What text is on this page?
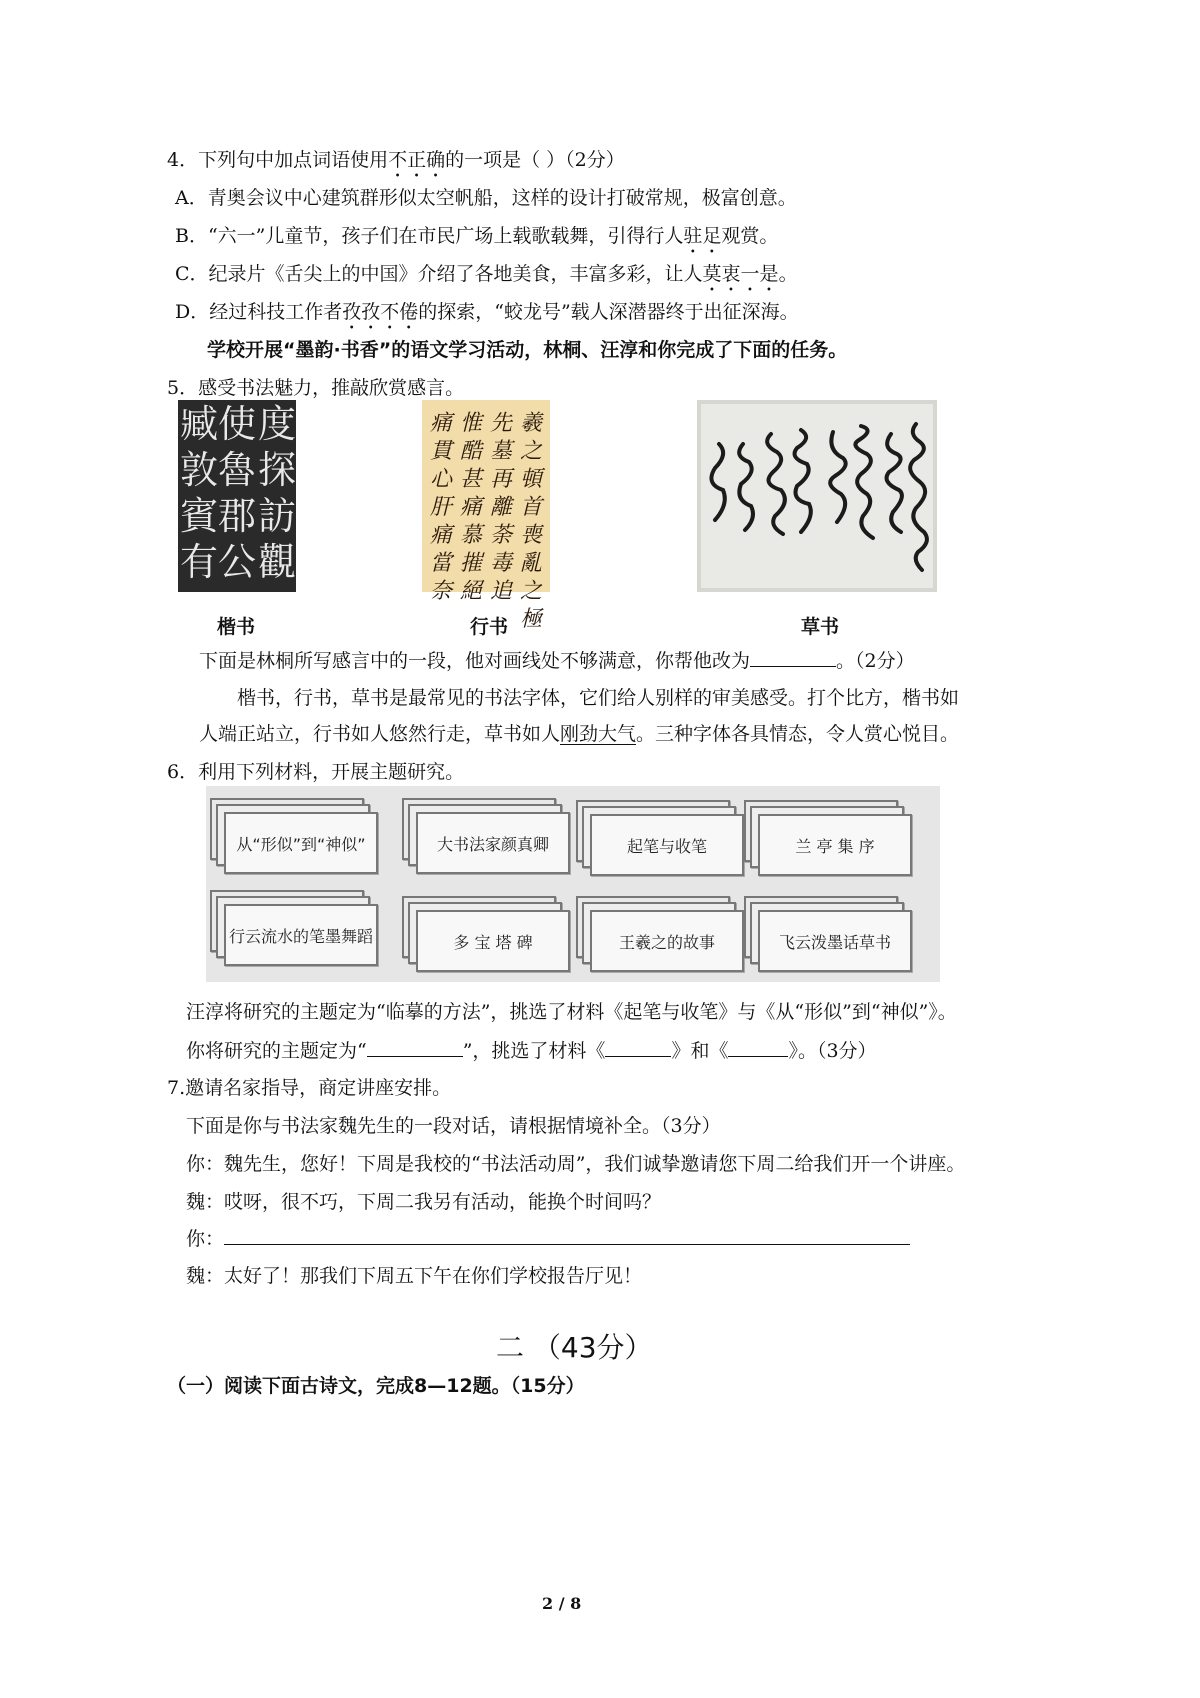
4．下列句中加点词语使用不正确的一项是（ ）（2分）
A．青奥会议中心建筑群形似太空帆船，这样的设计打破常规，极富创意。
B．“六一”儿童节，孩子们在市民广场上载歌载舞，引得行人驻足观赏。
C．纪录片《舌尖上的中国》介绍了各地美食，丰富多彩，让人莫衷一是。
D．经过科技工作者孜孜不倦的探索，“蛟龙号”载人深潜器终于出征深海。
学校开展“墨韵·书香”的语文学习活动，林桐、汪淳和你完成了下面的任务。
5．感受书法魅力，推敲欣赏感言。
度
使
臧
探
魯
敦
訪
郡
賓
觀
公
有
羲之頓首喪亂之極
先墓再離荼毒追
惟酷甚痛慕摧絕
痛貫心肝痛當奈
楷书	行书	草书
下面是林桐所写感言中的一段，他对画线处不够满意，你帮他改为	。（2分）
楷书，行书，草书是最常见的书法字体，它们给人别样的审美感受。打个比方，楷书如
人端正站立，行书如人悠然行走，草书如人刚劲大气。三种字体各具情态，令人赏心悦目。
6．利用下列材料，开展主题研究。
从“形似”到“神似”	大书法家颜真卿	起笔与收笔	兰 亭 集 序
行云流水的笔墨舞蹈	多 宝 塔 碑	王羲之的故事	飞云泼墨话草书
汪淳将研究的主题定为“临摹的方法”，挑选了材料《起笔与收笔》与《从“形似”到“神似”》。
你将研究的主题定为“	”，挑选了材料《	》和《	》。（3分）
7.邀请名家指导，商定讲座安排。
下面是你与书法家魏先生的一段对话，请根据情境补全。（3分）
你：魏先生，您好！下周是我校的“书法活动周”，我们诚挚邀请您下周二给我们开一个讲座。
魏：哎呀，很不巧，下周二我另有活动，能换个时间吗？
你：
魏：太好了！那我们下周五下午在你们学校报告厅见！
二 （43分）
（一）阅读下面古诗文，完成8—12题。（15分）
2 / 8
